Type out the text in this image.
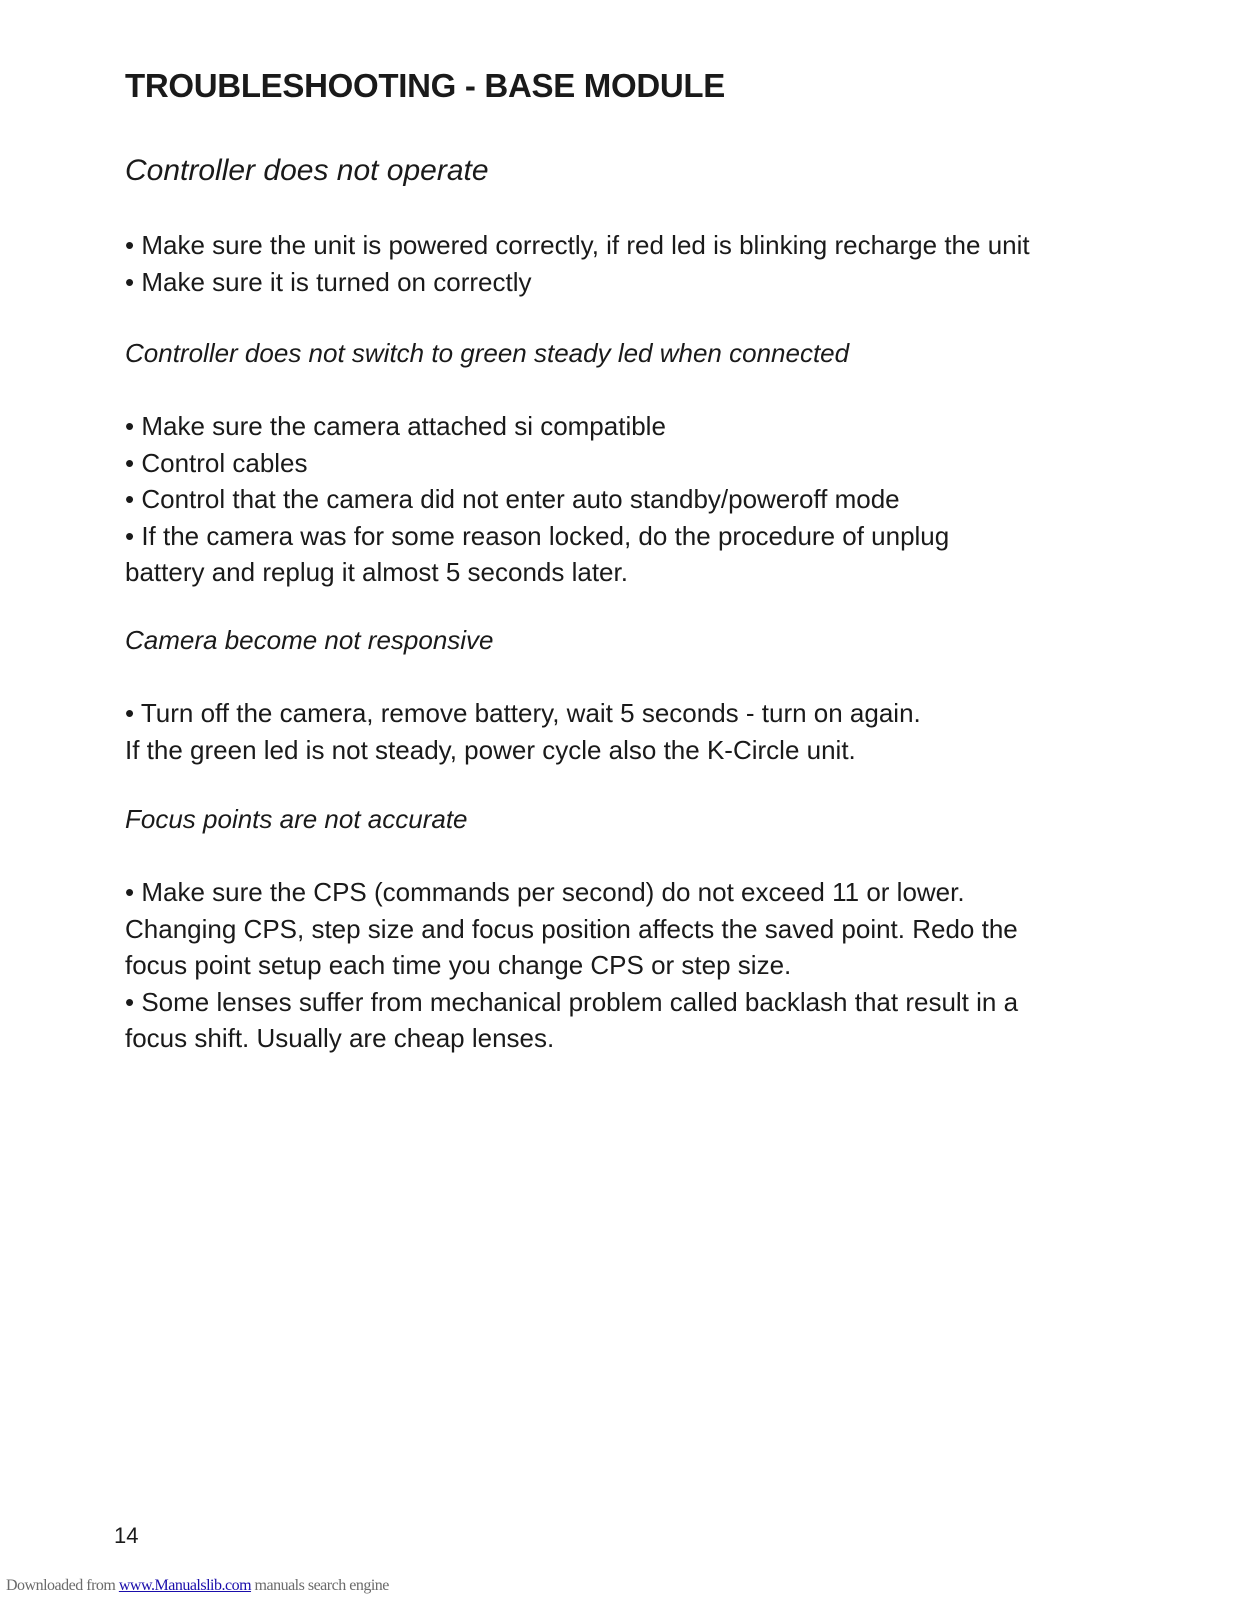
TROUBLESHOOTING - BASE MODULE
Controller does not operate

• Make sure the unit is powered correctly, if red led is blinking recharge the unit

• Make sure it is turned on correctly

Controller does not switch to green steady led when connected

• Make sure the camera attached si compatible

• Control cables

• Control that the camera did not enter auto standby/poweroff mode

• If the camera was for some reason locked, do the procedure of unplug

battery and replug it almost 5 seconds later.

Camera become not responsive

• Turn off the camera, remove battery, wait 5 seconds - turn on again.

If the green led is not steady, power cycle also the K-Circle unit.

Focus points are not accurate

• Make sure the CPS (commands per second) do not exceed 11 or lower.

Changing CPS, step size and focus position affects the saved point. Redo the

focus point setup each time you change CPS or step size.

• Some lenses suffer from mechanical problem called backlash that result in a

focus shift. Usually are cheap lenses.

14
Downloaded from www.Manualslib.com manuals search engine
